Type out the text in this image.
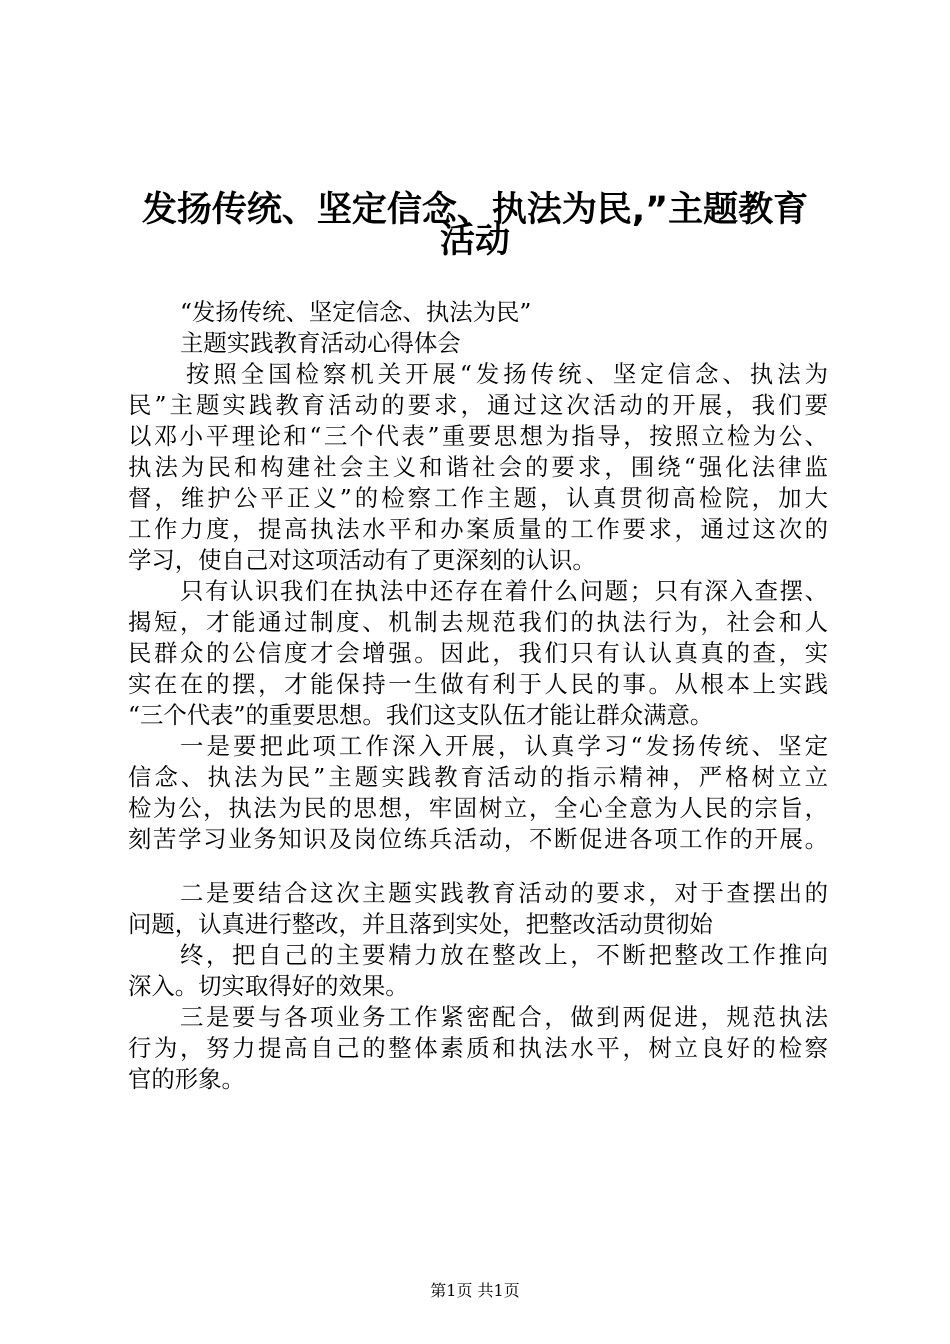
发扬传统、坚定信念、执法为民,”主题教育
活动
“发扬传统、坚定信念、执法为民”
主题实践教育活动心得体会
按照全国检察机关开展“发扬传统、坚定信念、执法为
民”主题实践教育活动的要求，通过这次活动的开展，我们要
以邓小平理论和“三个代表”重要思想为指导，按照立检为公、
执法为民和构建社会主义和谐社会的要求，围绕“强化法律监
督，维护公平正义”的检察工作主题，认真贯彻高检院，加大
工作力度，提高执法水平和办案质量的工作要求，通过这次的
学习，使自己对这项活动有了更深刻的认识。
只有认识我们在执法中还存在着什么问题；只有深入查摆、
揭短，才能通过制度、机制去规范我们的执法行为，社会和人
民群众的公信度才会增强。因此，我们只有认认真真的查，实
实在在的摆，才能保持一生做有利于人民的事。从根本上实践
“三个代表”的重要思想。我们这支队伍才能让群众满意。
一是要把此项工作深入开展，认真学习“发扬传统、坚定
信念、执法为民”主题实践教育活动的指示精神，严格树立立
检为公，执法为民的思想，牢固树立，全心全意为人民的宗旨，
刻苦学习业务知识及岗位练兵活动，不断促进各项工作的开展。
二是要结合这次主题实践教育活动的要求，对于查摆出的
问题，认真进行整改，并且落到实处，把整改活动贯彻始
终，把自己的主要精力放在整改上，不断把整改工作推向
深入。切实取得好的效果。
三是要与各项业务工作紧密配合，做到两促进，规范执法
行为，努力提高自己的整体素质和执法水平，树立良好的检察
官的形象。
第1页 共1页
